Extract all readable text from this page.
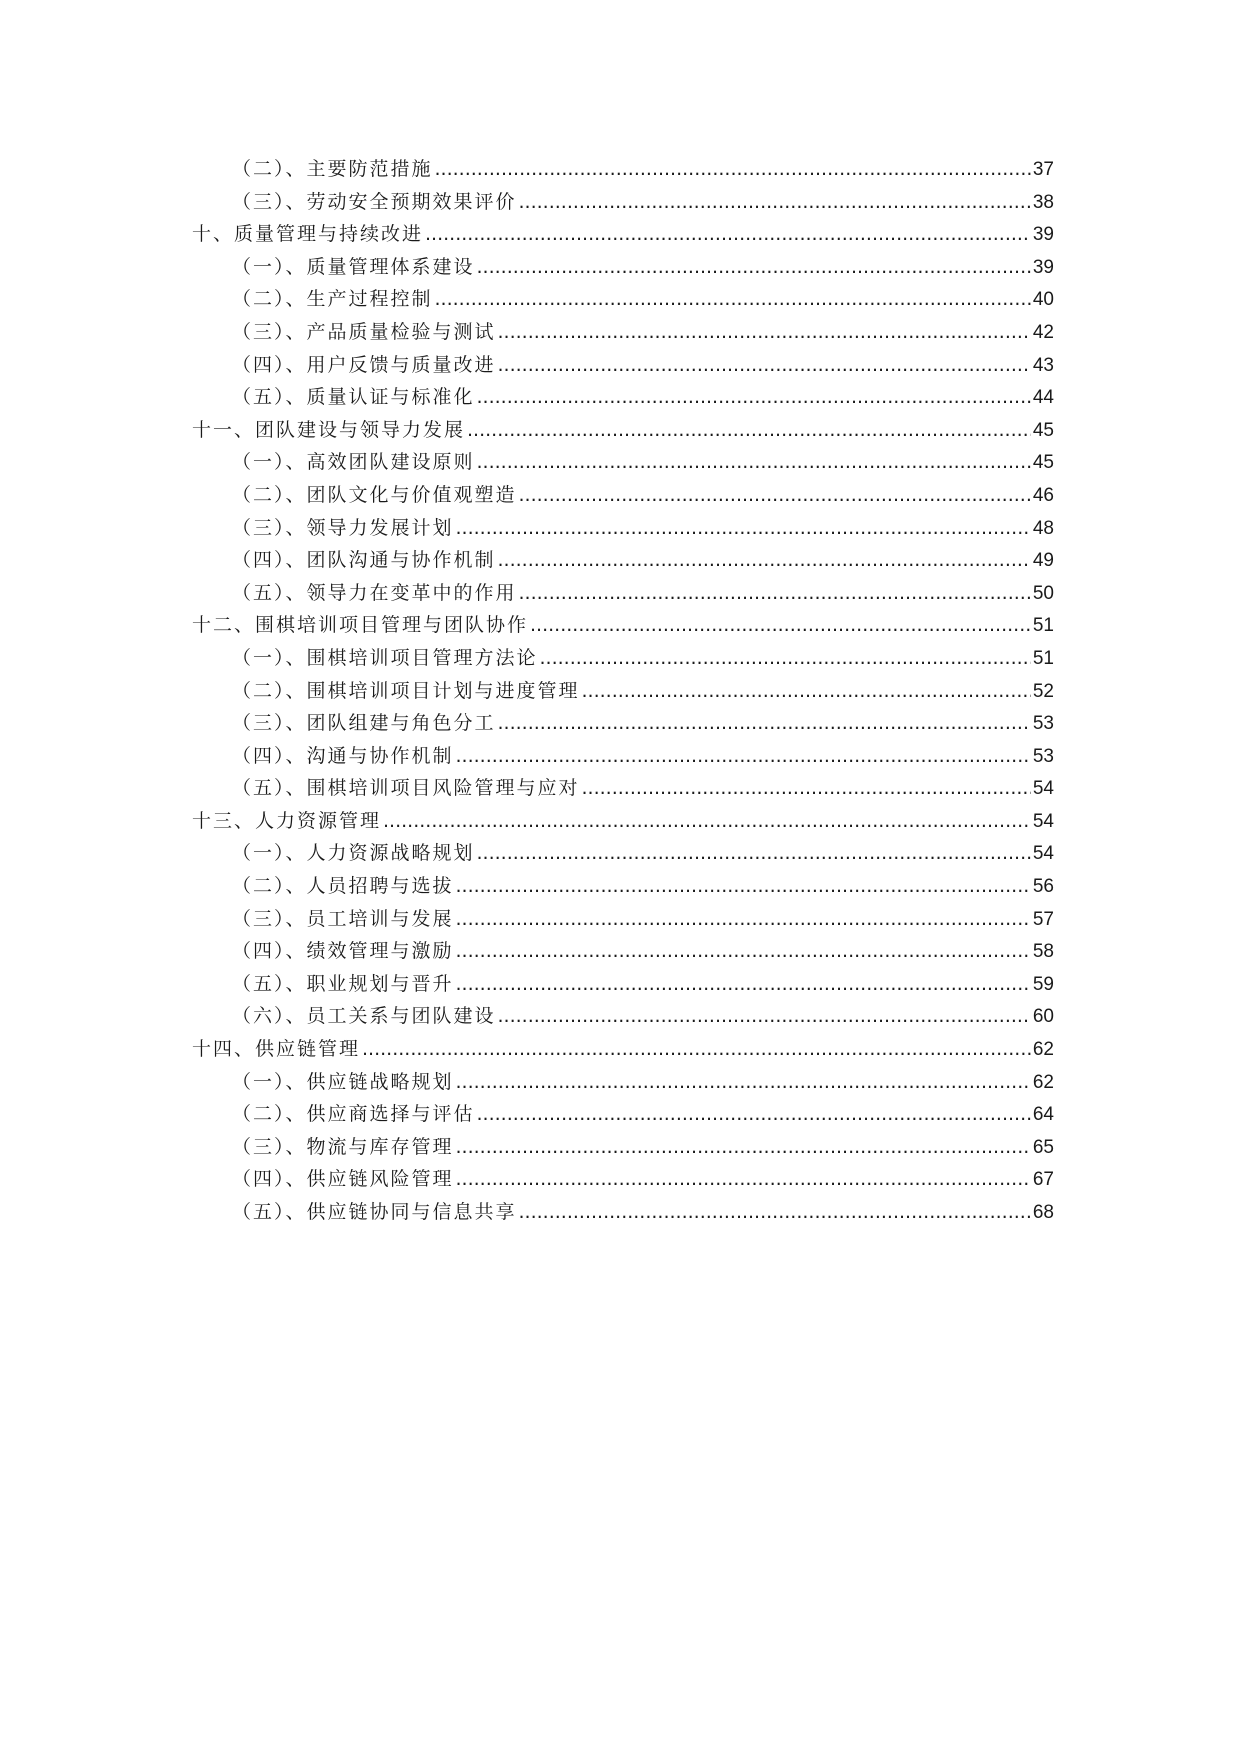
（二）、主要防范措施 .....	37
（三）、劳动安全预期效果评价 .....	38
十、质量管理与持续改进 .....	39
（一）、质量管理体系建设 .....	39
（二）、生产过程控制 .....	40
（三）、产品质量检验与测试 .....	42
（四）、用户反馈与质量改进 .....	43
（五）、质量认证与标准化 .....	44
十一、团队建设与领导力发展 .....	45
（一）、高效团队建设原则 .....	45
（二）、团队文化与价值观塑造 .....	46
（三）、领导力发展计划 .....	48
（四）、团队沟通与协作机制 .....	49
（五）、领导力在变革中的作用 .....	50
十二、围棋培训项目管理与团队协作 .....	51
（一）、围棋培训项目管理方法论 .....	51
（二）、围棋培训项目计划与进度管理 .....	52
（三）、团队组建与角色分工 .....	53
（四）、沟通与协作机制 .....	53
（五）、围棋培训项目风险管理与应对 .....	54
十三、人力资源管理 .....	54
（一）、人力资源战略规划 .....	54
（二）、人员招聘与选拔 .....	56
（三）、员工培训与发展 .....	57
（四）、绩效管理与激励 .....	58
（五）、职业规划与晋升 .....	59
（六）、员工关系与团队建设 .....	60
十四、供应链管理 .....	62
（一）、供应链战略规划 .....	62
（二）、供应商选择与评估 .....	64
（三）、物流与库存管理 .....	65
（四）、供应链风险管理 .....	67
（五）、供应链协同与信息共享 .....	68
